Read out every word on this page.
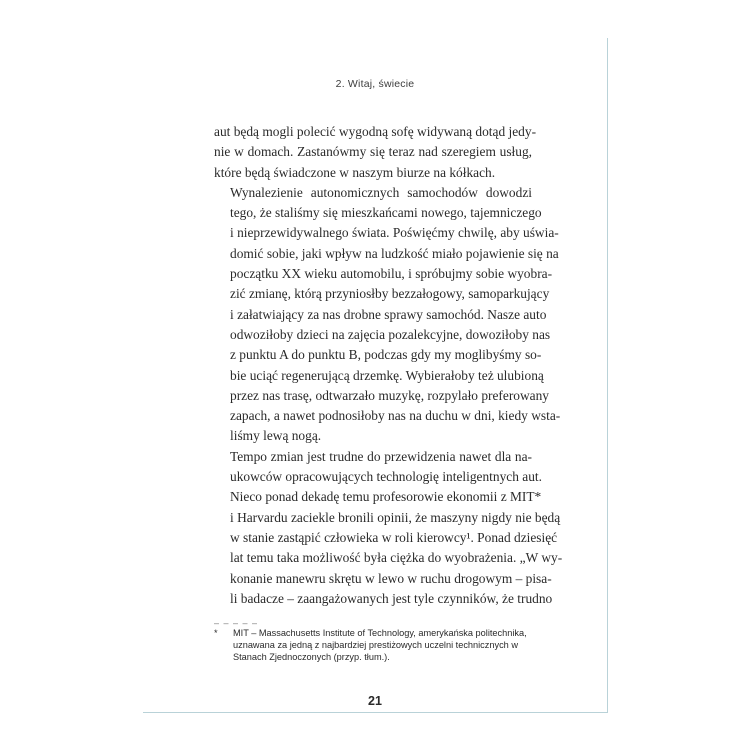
2. Witaj, świecie

aut będą mogli polecić wygodną sofę widywaną dotąd jedy-
nie w domach. Zastanówmy się teraz nad szeregiem usług,
które będą świadczone w naszym biurze na kółkach.

Wynalezienie autonomicznych samochodów dowodzi
tego, że staliśmy się mieszkańcami nowego, tajemniczego
i nieprzewidywalnego świata. Poświęćmy chwilę, aby uświa-
domić sobie, jaki wpływ na ludzkość miało pojawienie się na
początku XX wieku automobilu, i spróbujmy sobie wyobra-
zić zmianę, którą przyniosłby bezzałogowy, samoparkujący
i załatwiający za nas drobne sprawy samochód. Nasze auto
odwoziłoby dzieci na zajęcia pozalekcyjne, dowoziłoby nas
z punktu A do punktu B, podczas gdy my moglibyśmy so-
bie uciąć regenerującą drzemkę. Wybierałoby też ulubioną
przez nas trasę, odtwarzało muzykę, rozpylało preferowany
zapach, a nawet podnosiłoby nas na duchu w dni, kiedy wsta-
liśmy lewą nogą.

Tempo zmian jest trudne do przewidzenia nawet dla na-
ukowców opracowujących technologię inteligentnych aut.
Nieco ponad dekadę temu profesorowie ekonomii z MIT*
i Harvardu zaciekle bronili opinii, że maszyny nigdy nie będą
w stanie zastąpić człowieka w roli kierowcy¹. Ponad dziesięć
lat temu taka możliwość była ciężka do wyobrażenia. „W wy-
konanie manewru skrętu w lewo w ruchu drogowym – pisa-
li badacze – zaangażowanych jest tyle czynników, że trudno

– – – – –
*	MIT – Massachusetts Institute of Technology, amerykańska politechnika, uznawana za jedną z najbardziej prestiżowych uczelni technicznych w Stanach Zjednoczonych (przyp. tłum.).
21
